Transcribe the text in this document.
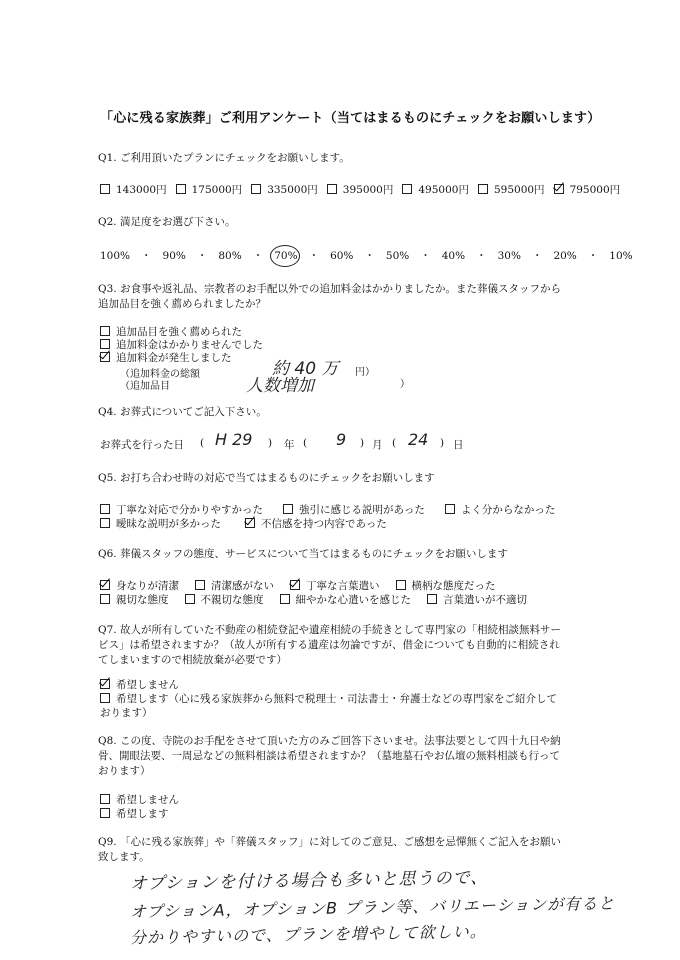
「心に残る家族葬」ご利用アンケート（当てはまるものにチェックをお願いします）
Q1. ご利用頂いたプランにチェックをお願いします。
143000円 175000円 335000円 395000円 495000円 595000円 795000円
Q2. 満足度をお選び下さい。
100% ・ 90% ・ 80% ・ 70% ・ 60% ・ 50% ・ 40% ・ 30% ・ 20% ・ 10%
Q3. お食事や返礼品、宗教者のお手配以外での追加料金はかかりましたか。また葬儀スタッフから
追加品目を強く薦められましたか？
追加品目を強く薦められた
追加料金はかかりませんでした
追加料金が発生しました
（追加料金の総額	約 40 万 円）
（追加品目	人数増加	）
Q4. お葬式についてご記入下さい。
お葬式を行った日 ( H 29 ) 年 ( 9 ) 月 ( 24 ) 日
Q5. お打ち合わせ時の対応で当てはまるものにチェックをお願いします
丁寧な対応で分かりやすかった	強引に感じる説明があった	よく分からなかった
曖昧な説明が多かった	不信感を持つ内容であった
Q6. 葬儀スタッフの態度、サービスについて当てはまるものにチェックをお願いします
身なりが清潔	清潔感がない	丁寧な言葉遣い	横柄な態度だった
親切な態度	不親切な態度	細やかな心遣いを感じた	言葉遣いが不適切
Q7. 故人が所有していた不動産の相続登記や遺産相続の手続きとして専門家の「相続相談無料サー
ビス」は希望されますか？（故人が所有する遺産は勿論ですが、借金についても自動的に相続され
てしまいますので相続放棄が必要です）
希望しません
希望します（心に残る家族葬から無料で税理士・司法書士・弁護士などの専門家をご紹介して
おります）
Q8. この度、寺院のお手配をさせて頂いた方のみご回答下さいませ。法事法要として四十九日や納
骨、開眼法要、一周忌などの無料相談は希望されますか？（墓地墓石やお仏壇の無料相談も行って
おります）
希望しません
希望します
Q9. 「心に残る家族葬」や「葬儀スタッフ」に対してのご意見、ご感想を忌憚無くご記入をお願い
致します。
オプションを付ける場合も多いと思うので、
オプションA，オプションB プラン等、バリエーションが有ると
分かりやすいので、プランを増やして欲しい。
